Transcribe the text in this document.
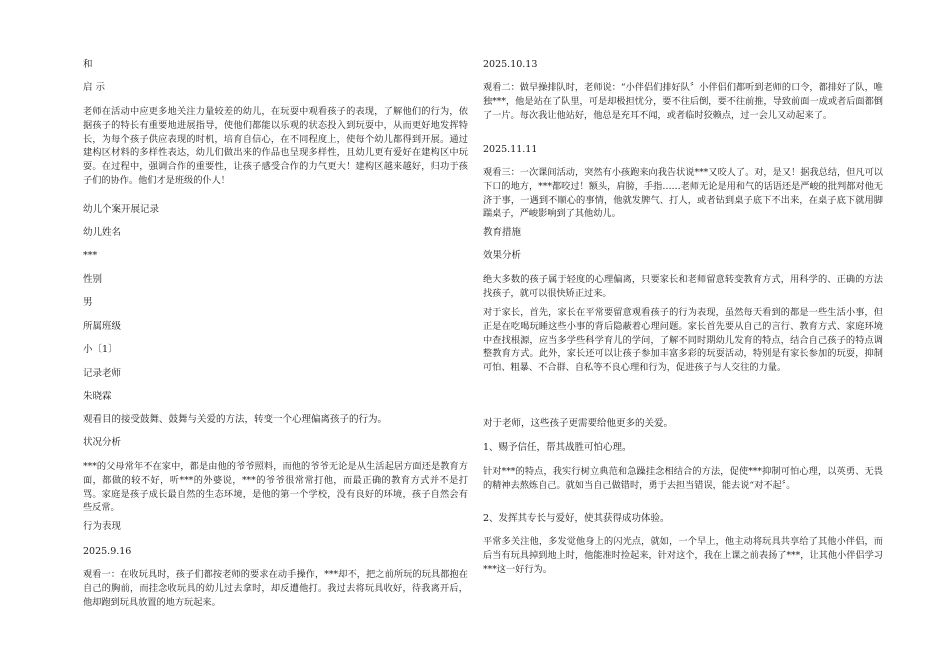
和
启 示
老师在活动中应更多地关注力量较差的幼儿，在玩耍中观看孩子的表现，了解他们的行为，依据孩子的特长有重要地进展指导，使他们都能以乐观的状态投入到玩耍中，从而更好地发挥特长，为每个孩子供应表现的时机，培育自信心，在不同程度上，使每个幼儿都得到开展。通过建构区材料的多样性表达，幼儿们做出来的作品也呈现多样性，且幼儿更有爱好在建构区中玩耍。在过程中，强调合作的重要性，让孩子感受合作的力气更大！建构区越来越好，归功于孩子们的协作。他们才是班级的仆人！
幼儿个案开展记录
幼儿姓名
***
性别
男
所属班级
小〔1〕
记录老师
朱晓霖
观看目的接受鼓舞、鼓舞与关爱的方法，转变一个心理偏离孩子的行为。
状况分析
***的父母常年不在家中，都是由他的爷爷照料，而他的爷爷无论是从生活起居方面还是教育方面，都做的较不好，听***的外婆说，***的爷爷很常常打他，而最正确的教育方式并不是打骂。家庭是孩子成长最自然的生态环境，是他的第一个学校，没有良好的环境，孩子自然会有些反常。
行为表现
2025.9.16
观看一：在收玩具时，孩子们都按老师的要求在动手操作，***却不，把之前所玩的玩具都抱在自己的胸前，而挂念收玩具的幼儿过去拿时，却反遭他打。我过去将玩具收好，待我离开后，他却跑到玩具放置的地方玩起来。
2025.10.13
观看二：做早操排队时，老师说：“小伴侣们排好队〞小伴侣们都听到老师的口令，都排好了队，唯独***，他是站在了队里，可是却极担忧分，要不往后倒，要不往前推，导致前面一成或者后面都倒了一片。每次我让他站好，他总是充耳不闻，或者临时狡赖点，过一会儿又动起来了。
2025.11.11
观看三：一次课间活动，突然有小孩跑来向我告状说***又咬人了。对，是又！据我总结，但凡可以下口的地方，***都咬过！额头，肩膀，手指……老师无论是用和气的话语还是严峻的批判都对他无济于事，一遇到不顺心的事情，他就发脾气、打人，或者钻到桌子底下不出来，在桌子底下就用脚踹桌子，严峻影响到了其他幼儿。
教育措施
效果分析
绝大多数的孩子属于轻度的心理偏离，只要家长和老师留意转变教育方式，用科学的、正确的方法找孩子，就可以很快矫正过来。
对于家长，首先，家长在平常要留意观看孩子的行为表现，虽然每天看到的都是一些生活小事，但正是在吃喝玩睡这些小事的背后隐蔽着心理问题。家长首先要从自己的言行、教育方式、家庭环境中查找根源，应当多学些科学育儿的学问，了解不同时期幼儿发育的特点，结合自己孩子的特点调整教育方式。此外，家长还可以让孩子参加丰富多彩的玩耍活动，特别是有家长参加的玩耍，抑制可怕、粗暴、不合群、自私等不良心理和行为，促进孩子与人交往的力量。
对于老师，这些孩子更需要给他更多的关爱。
1、赐予信任，帮其战胜可怕心理。
针对***的特点，我实行树立典范和急躁挂念相结合的方法，促使***抑制可怕心理，以英勇、无畏的精神去熬炼自己。就如当自己做错时，勇于去担当错误，能去说“对不起〞。
2、发挥其专长与爱好，使其获得成功体验。
平常多关注他，多发觉他身上的闪光点，就如，一个早上，他主动将玩具共享给了其他小伴侣，而后当有玩具掉到地上时，他能准时捡起来，针对这个，我在上课之前表扬了***，让其他小伴侣学习***这一好行为。
